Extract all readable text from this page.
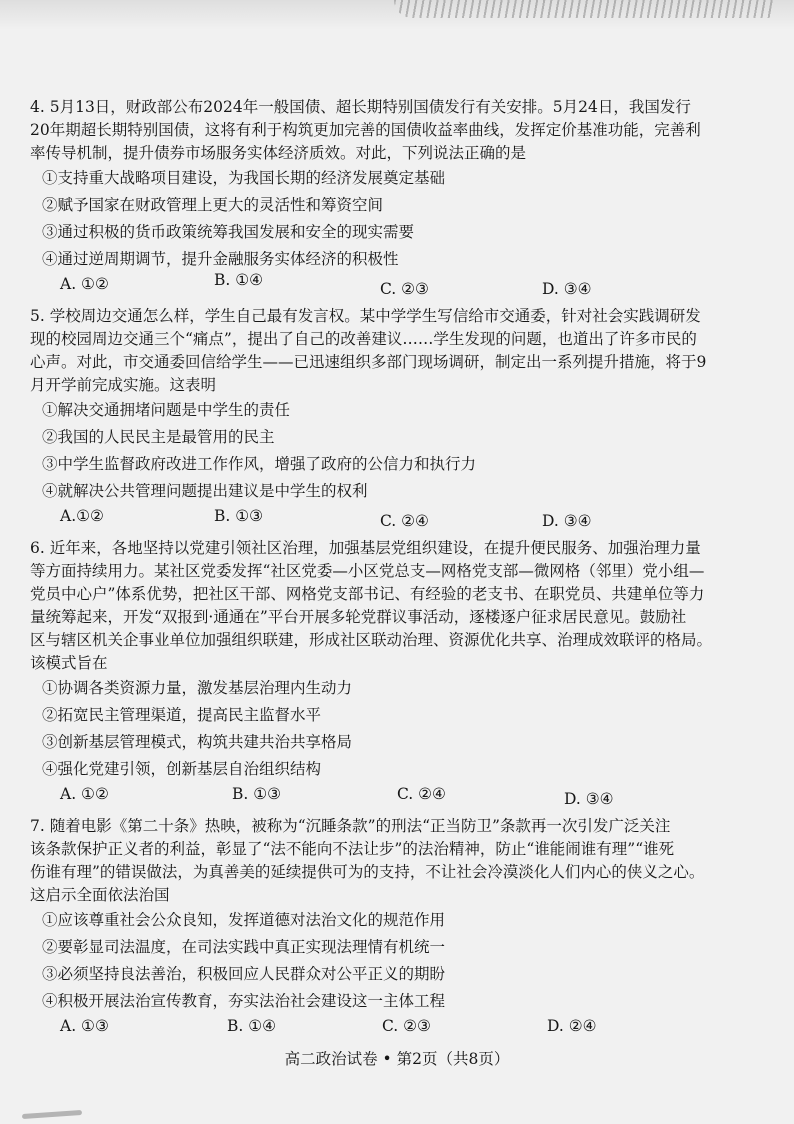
4. 5月13日，财政部公布2024年一般国债、超长期特别国债发行有关安排。5月24日，我国发行
20年期超长期特别国债，这将有利于构筑更加完善的国债收益率曲线，发挥定价基准功能，完善利
率传导机制，提升债券市场服务实体经济质效。对此，下列说法正确的是
①支持重大战略项目建设，为我国长期的经济发展奠定基础
②赋予国家在财政管理上更大的灵活性和筹资空间
③通过积极的货币政策统筹我国发展和安全的现实需要
④通过逆周期调节，提升金融服务实体经济的积极性
A. ①②	B. ①④	C. ②③	D. ③④
5. 学校周边交通怎么样，学生自己最有发言权。某中学学生写信给市交通委，针对社会实践调研发
现的校园周边交通三个“痛点”，提出了自己的改善建议……学生发现的问题，也道出了许多市民的
心声。对此，市交通委回信给学生——已迅速组织多部门现场调研，制定出一系列提升措施，将于9
月开学前完成实施。这表明
①解决交通拥堵问题是中学生的责任
②我国的人民民主是最管用的民主
③中学生监督政府改进工作作风，增强了政府的公信力和执行力
④就解决公共管理问题提出建议是中学生的权利
A.①②	B. ①③	C. ②④	D. ③④
6. 近年来，各地坚持以党建引领社区治理，加强基层党组织建设，在提升便民服务、加强治理力量
等方面持续用力。某社区党委发挥“社区党委—小区党总支—网格党支部—微网格（邻里）党小组—
党员中心户”体系优势，把社区干部、网格党支部书记、有经验的老支书、在职党员、共建单位等力
量统筹起来，开发“双报到·通通在”平台开展多轮党群议事活动，逐楼逐户征求居民意见。鼓励社
区与辖区机关企事业单位加强组织联建，形成社区联动治理、资源优化共享、治理成效联评的格局。
该模式旨在
①协调各类资源力量，激发基层治理内生动力
②拓宽民主管理渠道，提高民主监督水平
③创新基层管理模式，构筑共建共治共享格局
④强化党建引领，创新基层自治组织结构
A. ①②	B. ①③	C. ②④	D. ③④
7. 随着电影《第二十条》热映，被称为“沉睡条款”的刑法“正当防卫”条款再一次引发广泛关注
该条款保护正义者的利益，彰显了“法不能向不法让步”的法治精神，防止“谁能闹谁有理”“谁死
伤谁有理”的错误做法，为真善美的延续提供可为的支持，不让社会冷漠淡化人们内心的侠义之心。
这启示全面依法治国
①应该尊重社会公众良知，发挥道德对法治文化的规范作用
②要彰显司法温度，在司法实践中真正实现法理情有机统一
③必须坚持良法善治，积极回应人民群众对公平正义的期盼
④积极开展法治宣传教育，夯实法治社会建设这一主体工程
A. ①③	B. ①④	C. ②③	D. ②④
高二政治试卷 • 第2页（共8页）
